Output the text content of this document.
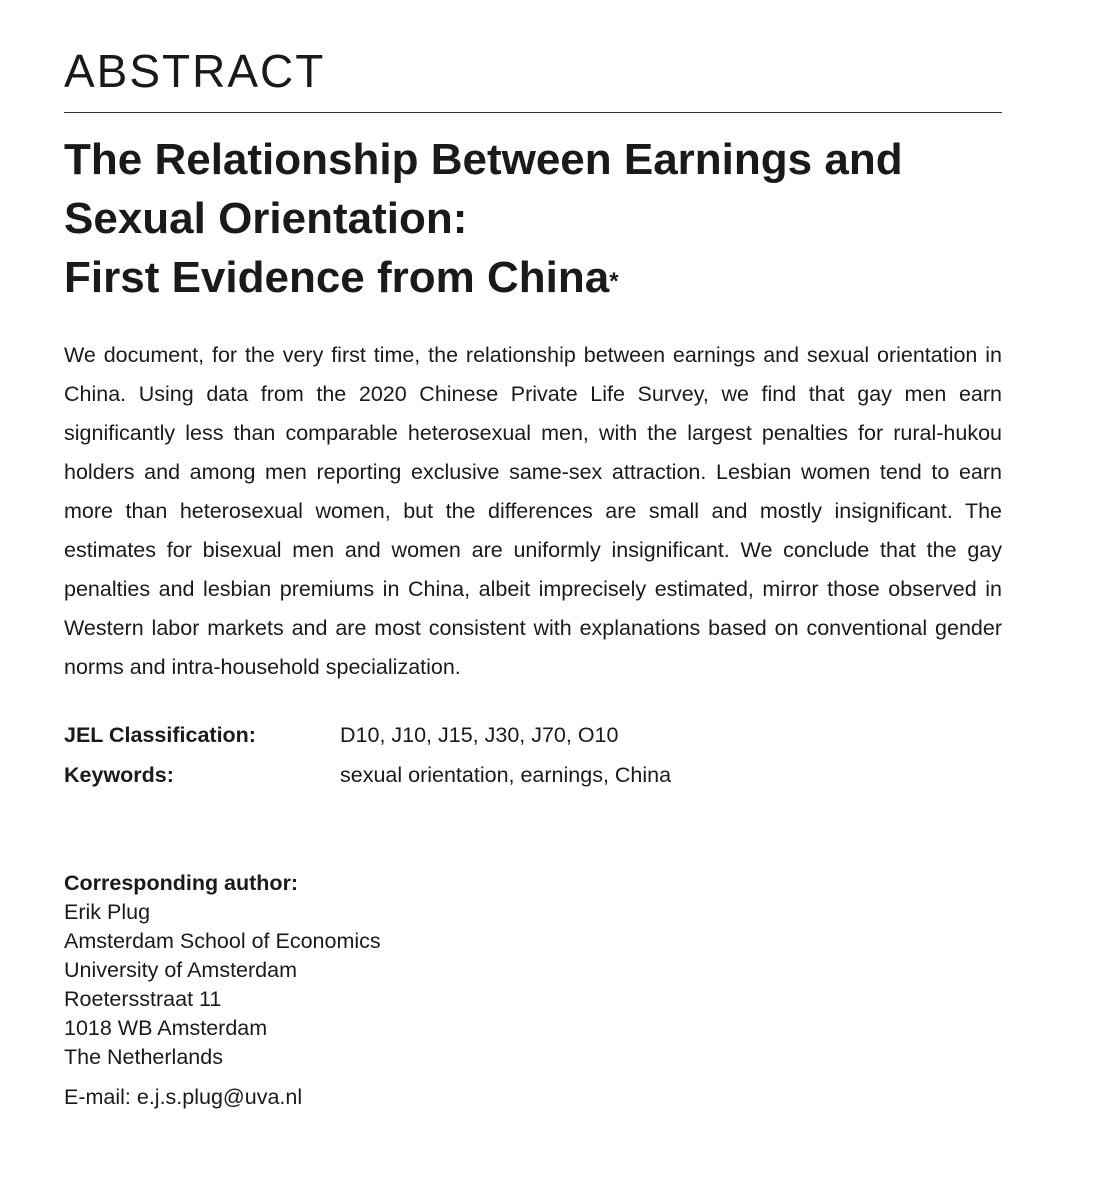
ABSTRACT
The Relationship Between Earnings and
Sexual Orientation:
First Evidence from China*

We document, for the very first time, the relationship between earnings and sexual orientation in China. Using data from the 2020 Chinese Private Life Survey, we find that gay men earn significantly less than comparable heterosexual men, with the largest penalties for rural-hukou holders and among men reporting exclusive same-sex attraction. Lesbian women tend to earn more than heterosexual women, but the differences are small and mostly insignificant. The estimates for bisexual men and women are uniformly insignificant. We conclude that the gay penalties and lesbian premiums in China, albeit imprecisely estimated, mirror those observed in Western labor markets and are most consistent with explanations based on conventional gender norms and intra-household specialization.

JEL Classification:	D10, J10, J15, J30, J70, O10
Keywords:	sexual orientation, earnings, China
Corresponding author:
Erik Plug
Amsterdam School of Economics
University of Amsterdam
Roetersstraat 11
1018 WB Amsterdam
The Netherlands
E-mail: e.j.s.plug@uva.nl
